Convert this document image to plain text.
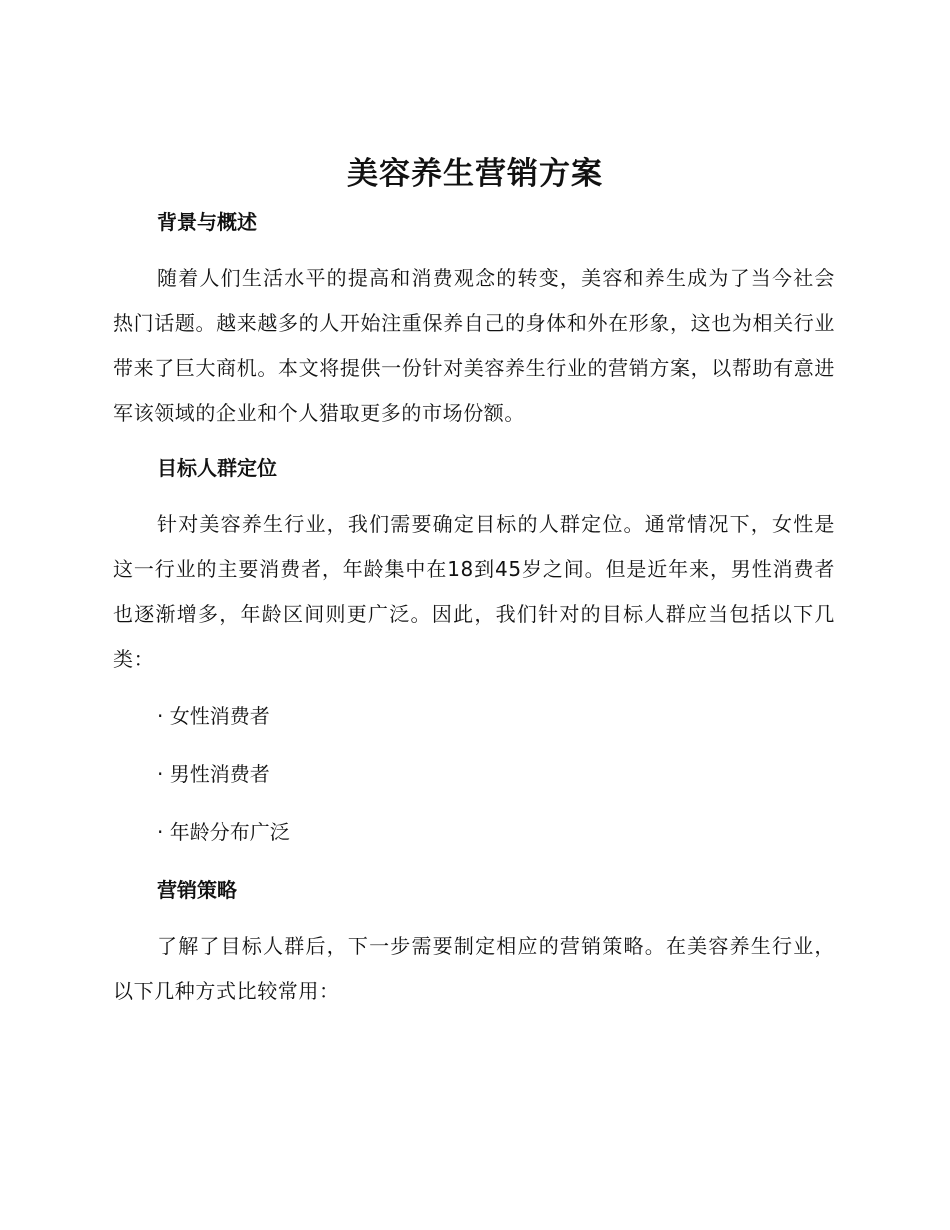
美容养生营销方案
背景与概述

随着人们生活水平的提高和消费观念的转变，美容和养生成为了当今社会热门话题。越来越多的人开始注重保养自己的身体和外在形象，这也为相关行业带来了巨大商机。本文将提供一份针对美容养生行业的营销方案，以帮助有意进军该领域的企业和个人猎取更多的市场份额。

目标人群定位

针对美容养生行业，我们需要确定目标的人群定位。通常情况下，女性是这一行业的主要消费者，年龄集中在18到45岁之间。但是近年来，男性消费者也逐渐增多，年龄区间则更广泛。因此，我们针对的目标人群应当包括以下几类：

· 女性消费者
· 男性消费者
· 年龄分布广泛
营销策略

了解了目标人群后，下一步需要制定相应的营销策略。在美容养生行业，以下几种方式比较常用：
